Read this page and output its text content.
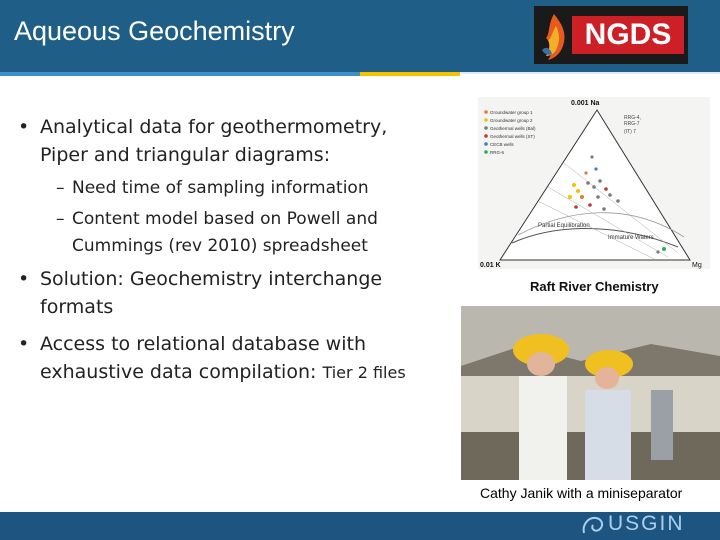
Aqueous Geochemistry	NGDS
• Analytical data for geothermometry, Piper and triangular diagrams:
– Need time of sampling information
– Content model based on Powell and Cummings (rev 2010) spreadsheet
• Solution: Geochemistry interchange formats
• Access to relational database with exhaustive data compilation: Tier 2 files
0.001 Na
0.01 K	Mg
Partial Equilibration
Immature Waters
RRG-4,
RRG-7
(IT) 7
Groundwater group 1
Groundwater group 2
Geothermal wells (Bal)
Geothermal wells (ST)
CECB wells
RRG-6
Raft River Chemistry
Cathy Janik with a miniseparator
USGIN
